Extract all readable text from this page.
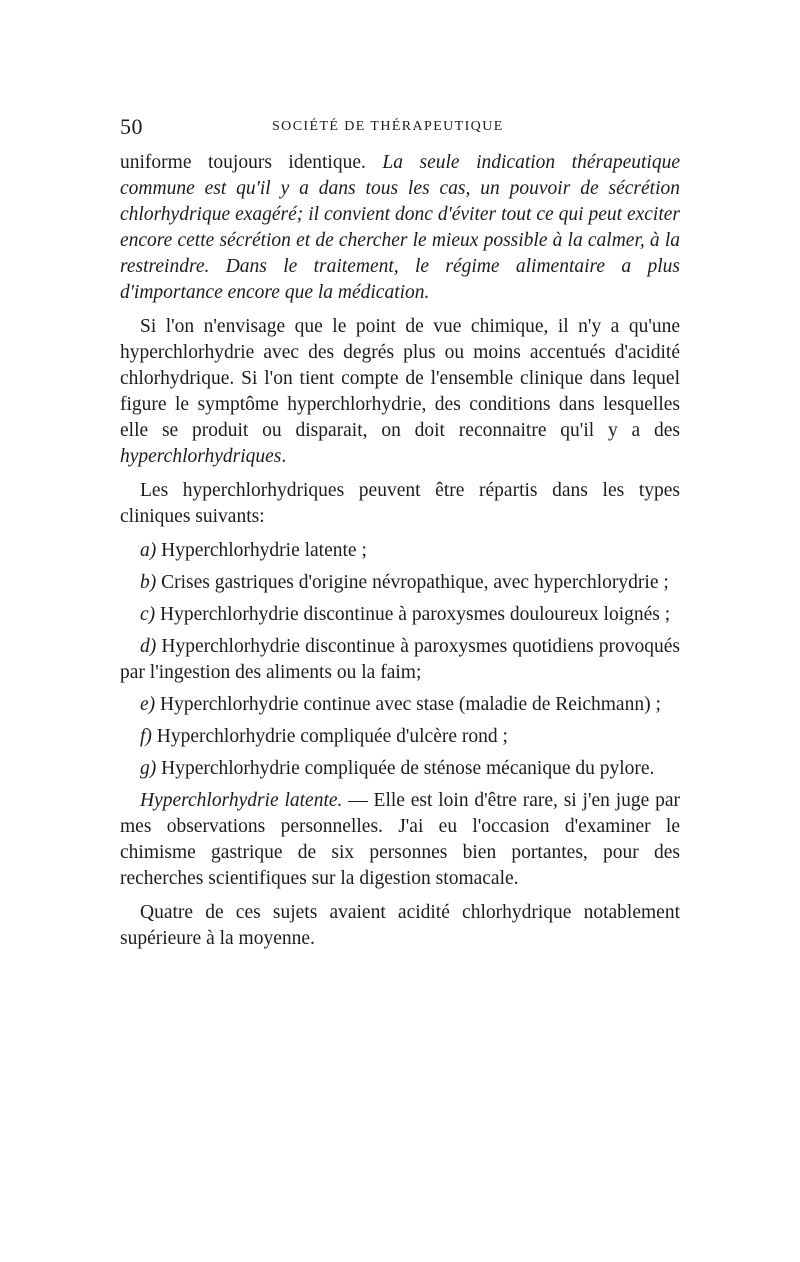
50	SOCIÉTÉ DE THÉRAPEUTIQUE

uniforme toujours identique. La seule indication thérapeutique commune est qu'il y a dans tous les cas, un pouvoir de sécrétion chlorhydrique exagéré; il convient donc d'éviter tout ce qui peut exciter encore cette sécrétion et de chercher le mieux possible à la calmer, à la restreindre. Dans le traitement, le régime alimentaire a plus d'importance encore que la médication.

Si l'on n'envisage que le point de vue chimique, il n'y a qu'une hyperchlorhydrie avec des degrés plus ou moins accentués d'acidité chlorhydrique. Si l'on tient compte de l'ensemble clinique dans lequel figure le symptôme hyperchlorhydrie, des conditions dans lesquelles elle se produit ou disparait, on doit reconnaitre qu'il y a des hyperchlorhydriques.

Les hyperchlorhydriques peuvent être répartis dans les types cliniques suivants:

a) Hyperchlorhydrie latente ;
b) Crises gastriques d'origine névropathique, avec hyperchlorydrie ;
c) Hyperchlorhydrie discontinue à paroxysmes douloureux loignés ;
d) Hyperchlorhydrie discontinue à paroxysmes quotidiens provoqués par l'ingestion des aliments ou la faim;
e) Hyperchlorhydrie continue avec stase (maladie de Reichmann) ;
f) Hyperchlorhydrie compliquée d'ulcère rond ;
g) Hyperchlorhydrie compliquée de sténose mécanique du pylore.

Hyperchlorhydrie latente. — Elle est loin d'être rare, si j'en juge par mes observations personnelles. J'ai eu l'occasion d'examiner le chimisme gastrique de six personnes bien portantes, pour des recherches scientifiques sur la digestion stomacale.

Quatre de ces sujets avaient acidité chlorhydrique notablement supérieure à la moyenne.
